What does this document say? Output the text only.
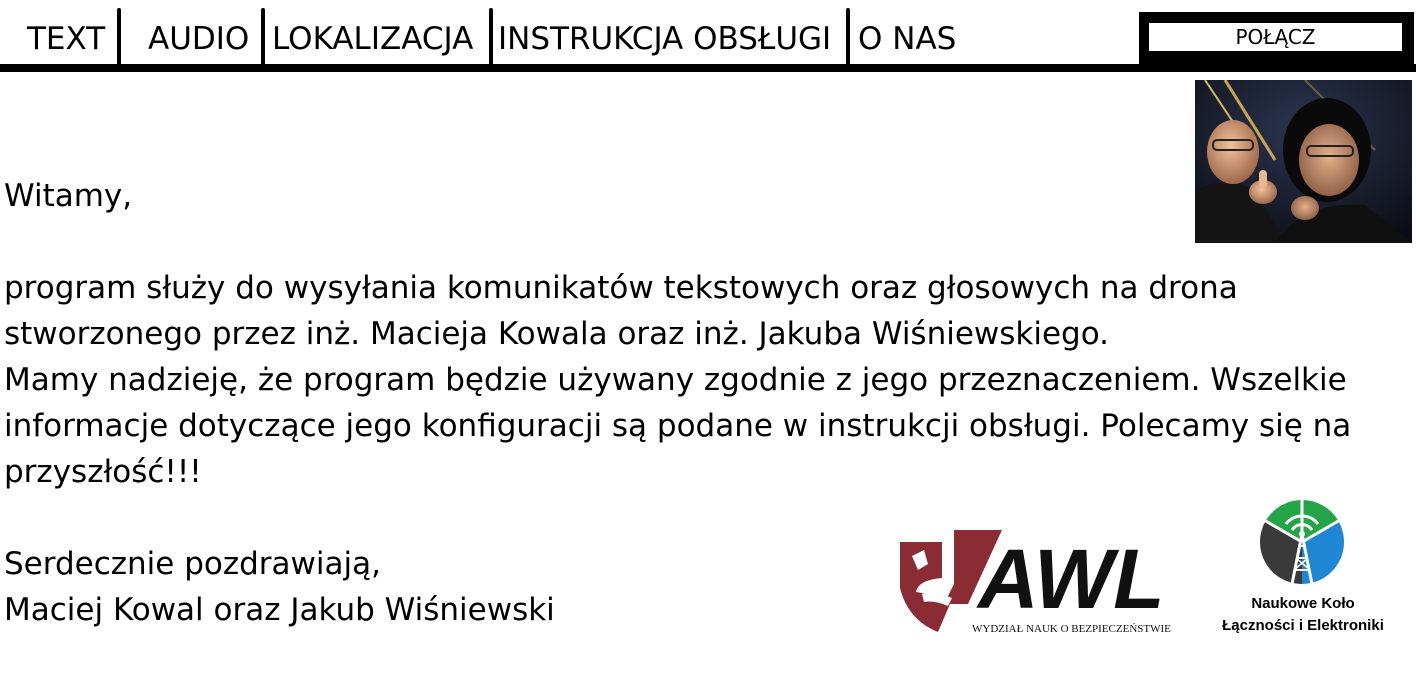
TEXT AUDIO LOKALIZACJA INSTRUKCJA OBSŁUGI O NAS	POŁĄCZ
Witamy,
program służy do wysyłania komunikatów tekstowych oraz głosowych na drona
stworzonego przez inż. Macieja Kowala oraz inż. Jakuba Wiśniewskiego.
Mamy nadzieję, że program będzie używany zgodnie z jego przeznaczeniem. Wszelkie
informacje dotyczące jego konfiguracji są podane w instrukcji obsługi. Polecamy się na
przyszłość!!!
Serdecznie pozdrawiają,
Maciej Kowal oraz Jakub Wiśniewski	AWL
WYDZIAŁ NAUK O BEZPIECZEŃSTWIE
Naukowe Koło
Łączności i Elektroniki
